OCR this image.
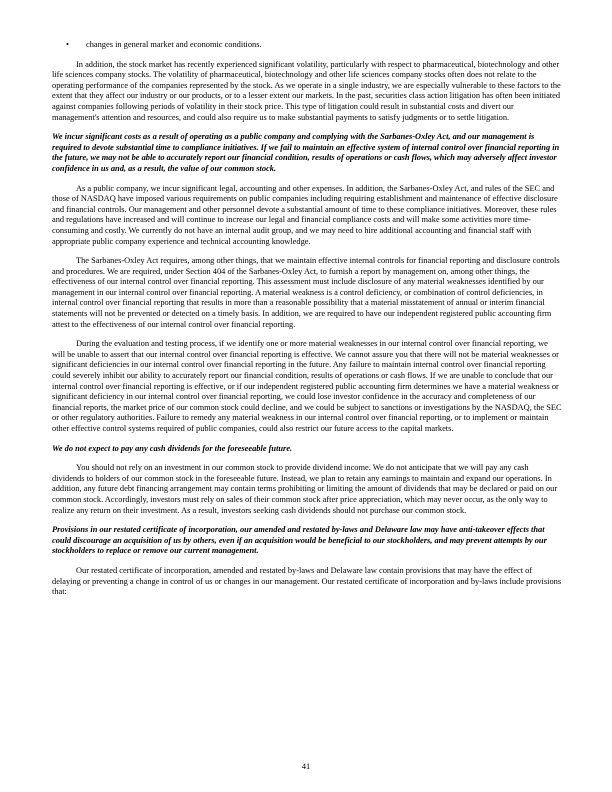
• changes in general market and economic conditions.

In addition, the stock market has recently experienced significant volatility, particularly with respect to pharmaceutical, biotechnology and other life sciences company stocks. The volatility of pharmaceutical, biotechnology and other life sciences company stocks often does not relate to the operating performance of the companies represented by the stock. As we operate in a single industry, we are especially vulnerable to these factors to the extent that they affect our industry or our products, or to a lesser extent our markets. In the past, securities class action litigation has often been initiated against companies following periods of volatility in their stock price. This type of litigation could result in substantial costs and divert our management's attention and resources, and could also require us to make substantial payments to satisfy judgments or to settle litigation.

We incur significant costs as a result of operating as a public company and complying with the Sarbanes-Oxley Act, and our management is required to devote substantial time to compliance initiatives. If we fail to maintain an effective system of internal control over financial reporting in the future, we may not be able to accurately report our financial condition, results of operations or cash flows, which may adversely affect investor confidence in us and, as a result, the value of our common stock.

As a public company, we incur significant legal, accounting and other expenses. In addition, the Sarbanes-Oxley Act, and rules of the SEC and those of NASDAQ have imposed various requirements on public companies including requiring establishment and maintenance of effective disclosure and financial controls. Our management and other personnel devote a substantial amount of time to these compliance initiatives. Moreover, these rules and regulations have increased and will continue to increase our legal and financial compliance costs and will make some activities more time-consuming and costly. We currently do not have an internal audit group, and we may need to hire additional accounting and financial staff with appropriate public company experience and technical accounting knowledge.

The Sarbanes-Oxley Act requires, among other things, that we maintain effective internal controls for financial reporting and disclosure controls and procedures. We are required, under Section 404 of the Sarbanes-Oxley Act, to furnish a report by management on, among other things, the effectiveness of our internal control over financial reporting. This assessment must include disclosure of any material weaknesses identified by our management in our internal control over financial reporting. A material weakness is a control deficiency, or combination of control deficiencies, in internal control over financial reporting that results in more than a reasonable possibility that a material misstatement of annual or interim financial statements will not be prevented or detected on a timely basis. In addition, we are required to have our independent registered public accounting firm attest to the effectiveness of our internal control over financial reporting.

During the evaluation and testing process, if we identify one or more material weaknesses in our internal control over financial reporting, we will be unable to assert that our internal control over financial reporting is effective. We cannot assure you that there will not be material weaknesses or significant deficiencies in our internal control over financial reporting in the future. Any failure to maintain internal control over financial reporting could severely inhibit our ability to accurately report our financial condition, results of operations or cash flows. If we are unable to conclude that our internal control over financial reporting is effective, or if our independent registered public accounting firm determines we have a material weakness or significant deficiency in our internal control over financial reporting, we could lose investor confidence in the accuracy and completeness of our financial reports, the market price of our common stock could decline, and we could be subject to sanctions or investigations by the NASDAQ, the SEC or other regulatory authorities. Failure to remedy any material weakness in our internal control over financial reporting, or to implement or maintain other effective control systems required of public companies, could also restrict our future access to the capital markets.

We do not expect to pay any cash dividends for the foreseeable future.

You should not rely on an investment in our common stock to provide dividend income. We do not anticipate that we will pay any cash dividends to holders of our common stock in the foreseeable future. Instead, we plan to retain any earnings to maintain and expand our operations. In addition, any future debt financing arrangement may contain terms prohibiting or limiting the amount of dividends that may be declared or paid on our common stock. Accordingly, investors must rely on sales of their common stock after price appreciation, which may never occur, as the only way to realize any return on their investment. As a result, investors seeking cash dividends should not purchase our common stock.

Provisions in our restated certificate of incorporation, our amended and restated by-laws and Delaware law may have anti-takeover effects that could discourage an acquisition of us by others, even if an acquisition would be beneficial to our stockholders, and may prevent attempts by our stockholders to replace or remove our current management.

Our restated certificate of incorporation, amended and restated by-laws and Delaware law contain provisions that may have the effect of delaying or preventing a change in control of us or changes in our management. Our restated certificate of incorporation and by-laws include provisions that:

41
